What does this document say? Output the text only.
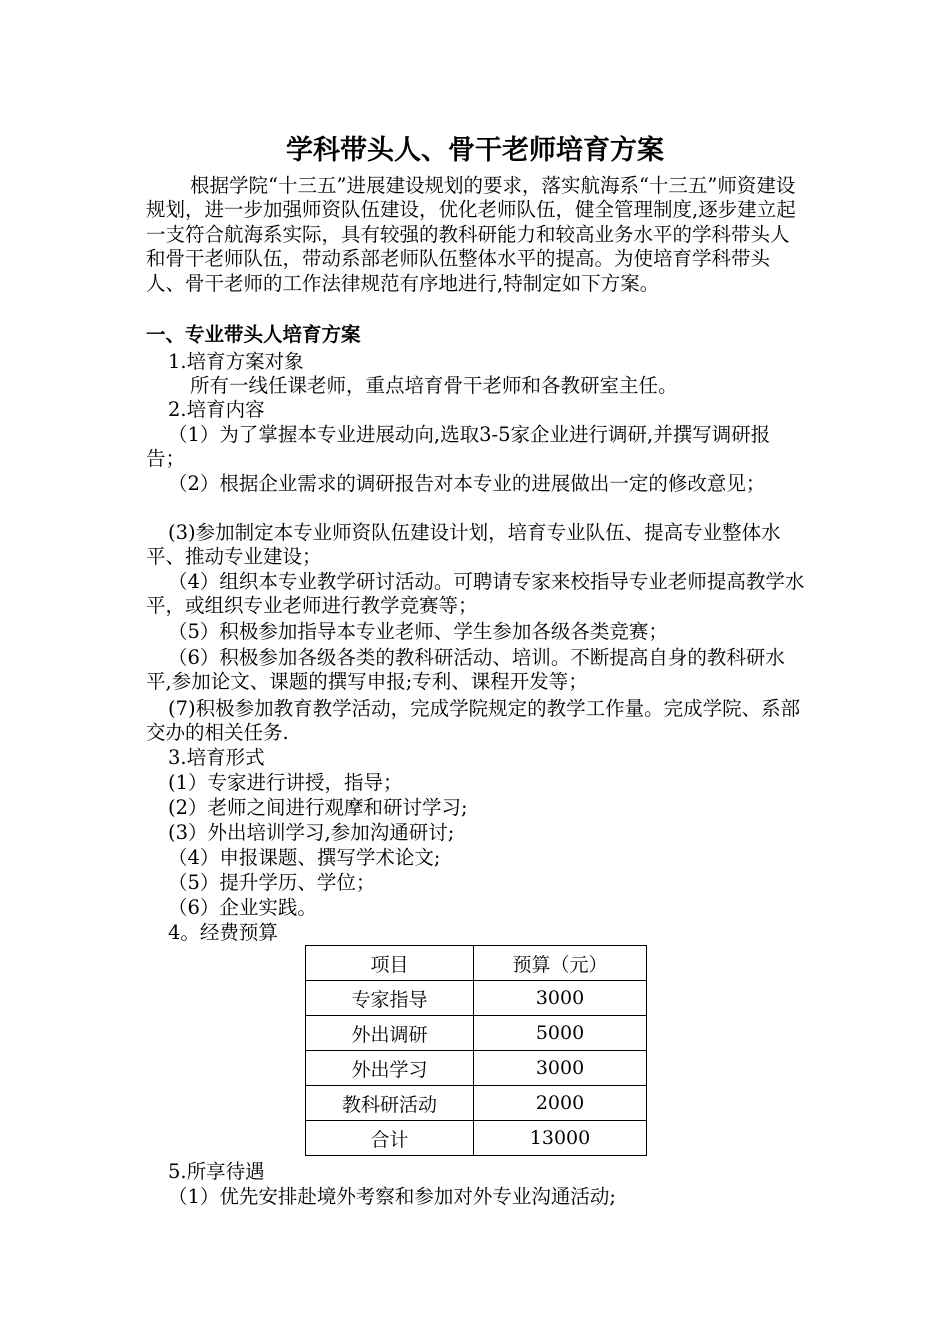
学科带头人、骨干老师培育方案
根据学院“十三五”进展建设规划的要求，落实航海系“十三五”师资建设规划，进一步加强师资队伍建设，优化老师队伍，健全管理制度,逐步建立起一支符合航海系实际，具有较强的教科研能力和较高业务水平的学科带头人和骨干老师队伍，带动系部老师队伍整体水平的提高。为使培育学科带头人、骨干老师的工作法律规范有序地进行,特制定如下方案。
一、专业带头人培育方案
1.培育方案对象
所有一线任课老师，重点培育骨干老师和各教研室主任。
2.培育内容
（1）为了掌握本专业进展动向,选取3-5家企业进行调研,并撰写调研报告；
（2）根据企业需求的调研报告对本专业的进展做出一定的修改意见；
(3)参加制定本专业师资队伍建设计划，培育专业队伍、提高专业整体水平、推动专业建设；
（4）组织本专业教学研讨活动。可聘请专家来校指导专业老师提高教学水平，或组织专业老师进行教学竞赛等；
（5）积极参加指导本专业老师、学生参加各级各类竞赛；
（6）积极参加各级各类的教科研活动、培训。不断提高自身的教科研水平,参加论文、课题的撰写申报;专利、课程开发等；
(7)积极参加教育教学活动，完成学院规定的教学工作量。完成学院、系部交办的相关任务.
3.培育形式
(1）专家进行讲授，指导；
(2）老师之间进行观摩和研讨学习;
(3）外出培训学习,参加沟通研讨;
（4）申报课题、撰写学术论文;
（5）提升学历、学位；
（6）企业实践。
4。经费预算
项目	预算（元）
专家指导	3000
外出调研	5000
外出学习	3000
教科研活动	2000
合计	13000
5.所享待遇
（1）优先安排赴境外考察和参加对外专业沟通活动;
